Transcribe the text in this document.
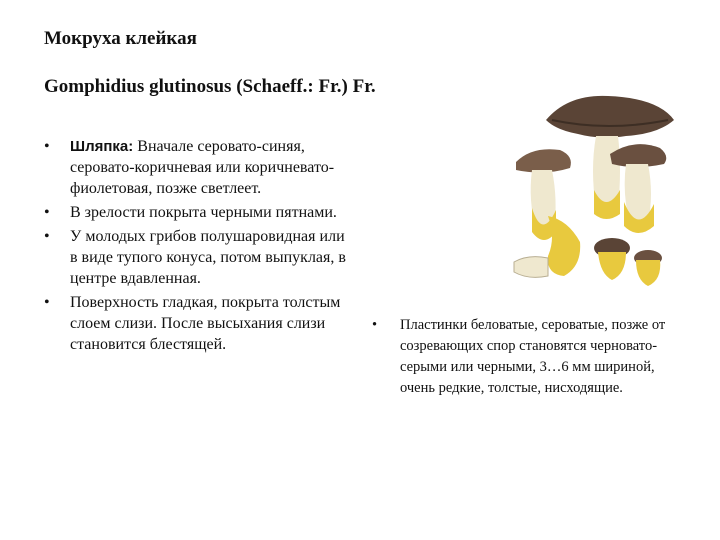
Мокруха клейкая
Gomphidius glutinosus (Schaeff.: Fr.) Fr.
• Шляпка: Вначале серовато-синяя, серовато-коричневая или коричневато-фиолетовая, позже светлеет.
• В зрелости покрыта черными пятнами.
• У молодых грибов полушаровидная или в виде тупого конуса, потом выпуклая, в центре вдавленная.
• Поверхность гладкая, покрыта толстым слоем слизи. После высыхания слизи становится блестящей.
• Пластинки беловатые, сероватые, позже от созревающих спор становятся черновато-серыми или черными, 3…6 мм шириной, очень редкие, толстые, нисходящие.
